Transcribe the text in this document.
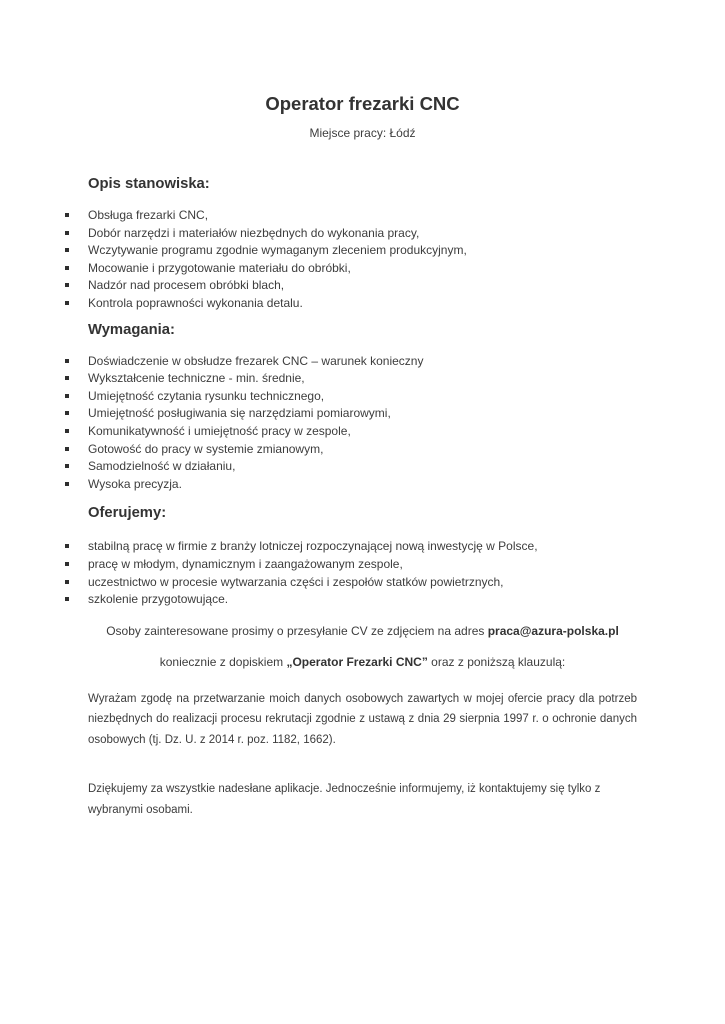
Operator frezarki CNC

Miejsce pracy: Łódź

Opis stanowiska:
Obsługa frezarki CNC,
Dobór narzędzi i materiałów niezbędnych do wykonania pracy,
Wczytywanie programu zgodnie wymaganym zleceniem produkcyjnym,
Mocowanie i przygotowanie materiału do obróbki,
Nadzór nad procesem obróbki blach,
Kontrola poprawności wykonania detalu.
Wymagania:
Doświadczenie w obsłudze frezarek CNC – warunek konieczny
Wykształcenie techniczne - min. średnie,
Umiejętność czytania rysunku technicznego,
Umiejętność posługiwania się narzędziami pomiarowymi,
Komunikatywność i umiejętność pracy w zespole,
Gotowość do pracy w systemie zmianowym,
Samodzielność w działaniu,
Wysoka precyzja.
Oferujemy:
stabilną pracę w firmie z branży lotniczej rozpoczynającej nową inwestycję w Polsce,
pracę w młodym, dynamicznym i zaangażowanym zespole,
uczestnictwo w procesie wytwarzania części i zespołów statków powietrznych,
szkolenie przygotowujące.

Osoby zainteresowane prosimy o przesyłanie CV ze zdjęciem na adres praca@azura-polska.pl

koniecznie z dopiskiem „Operator Frezarki CNC” oraz z poniższą klauzulą:

Wyrażam zgodę na przetwarzanie moich danych osobowych zawartych w mojej ofercie pracy dla potrzeb niezbędnych do realizacji procesu rekrutacji zgodnie z ustawą z dnia 29 sierpnia 1997 r. o ochronie danych osobowych (tj. Dz. U. z 2014 r. poz. 1182, 1662).

Dziękujemy za wszystkie nadesłane aplikacje. Jednocześnie informujemy, iż kontaktujemy się tylko z wybranymi osobami.
